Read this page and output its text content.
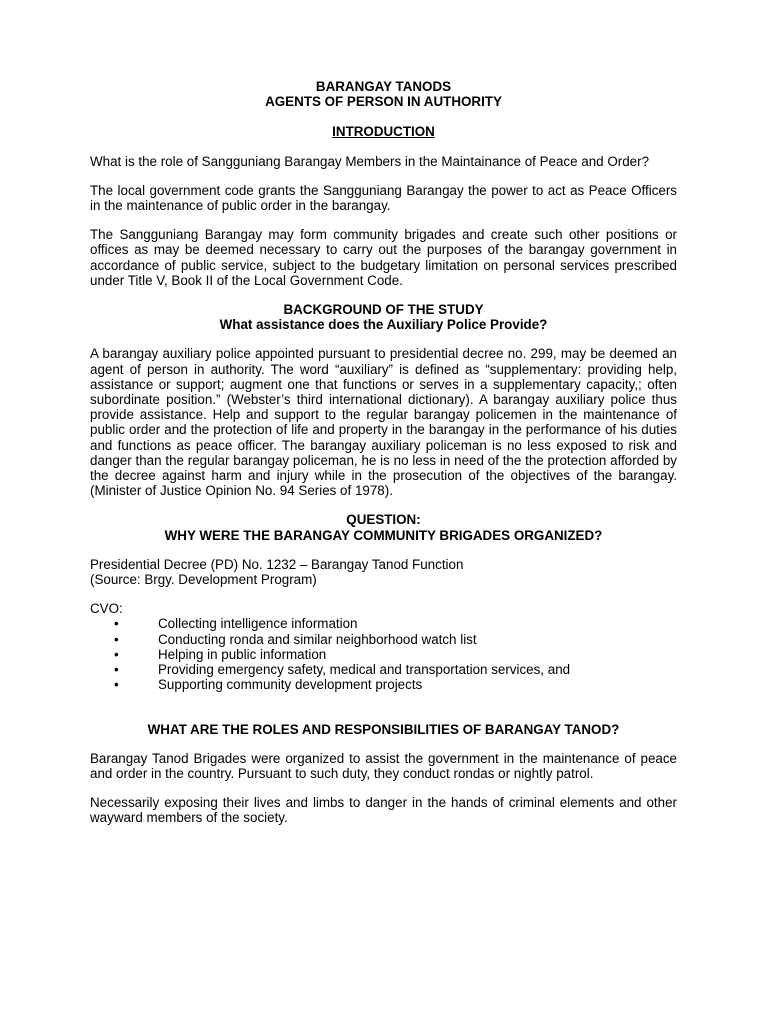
BARANGAY TANODS
AGENTS OF PERSON IN AUTHORITY
INTRODUCTION

What is the role of Sangguniang Barangay Members in the Maintainance of Peace and Order?

The local government code grants the Sangguniang Barangay the power to act as Peace Officers in the maintenance of public order in the barangay.

The Sangguniang Barangay may form community brigades and create such other positions or offices as may be deemed necessary to carry out the purposes of the barangay government in accordance of public service, subject to the budgetary limitation on personal services prescribed under Title V, Book II of the Local Government Code.

BACKGROUND OF THE STUDY
What assistance does the Auxiliary Police Provide?

A barangay auxiliary police appointed pursuant to presidential decree no. 299, may be deemed an agent of person in authority. The word “auxiliary” is defined as “supplementary: providing help, assistance or support; augment one that functions or serves in a supplementary capacity,; often subordinate position.” (Webster’s third international dictionary). A barangay auxiliary police thus provide assistance. Help and support to the regular barangay policemen in the maintenance of public order and the protection of life and property in the barangay in the performance of his duties and functions as peace officer. The barangay auxiliary policeman is no less exposed to risk and danger than the regular barangay policeman, he is no less in need of the the protection afforded by the decree against harm and injury while in the prosecution of the objectives of the barangay. (Minister of Justice Opinion No. 94 Series of 1978).

QUESTION:
WHY WERE THE BARANGAY COMMUNITY BRIGADES ORGANIZED?
Presidential Decree (PD) No. 1232 – Barangay Tanod Function
(Source: Brgy. Development Program)
CVO:
•	Collecting intelligence information
•	Conducting ronda and similar neighborhood watch list
•	Helping in public information
•	Providing emergency safety, medical and transportation services, and
•	Supporting community development projects
WHAT ARE THE ROLES AND RESPONSIBILITIES OF BARANGAY TANOD?

Barangay Tanod Brigades were organized to assist the government in the maintenance of peace and order in the country. Pursuant to such duty, they conduct rondas or nightly patrol.

Necessarily exposing their lives and limbs to danger in the hands of criminal elements and other wayward members of the society.
